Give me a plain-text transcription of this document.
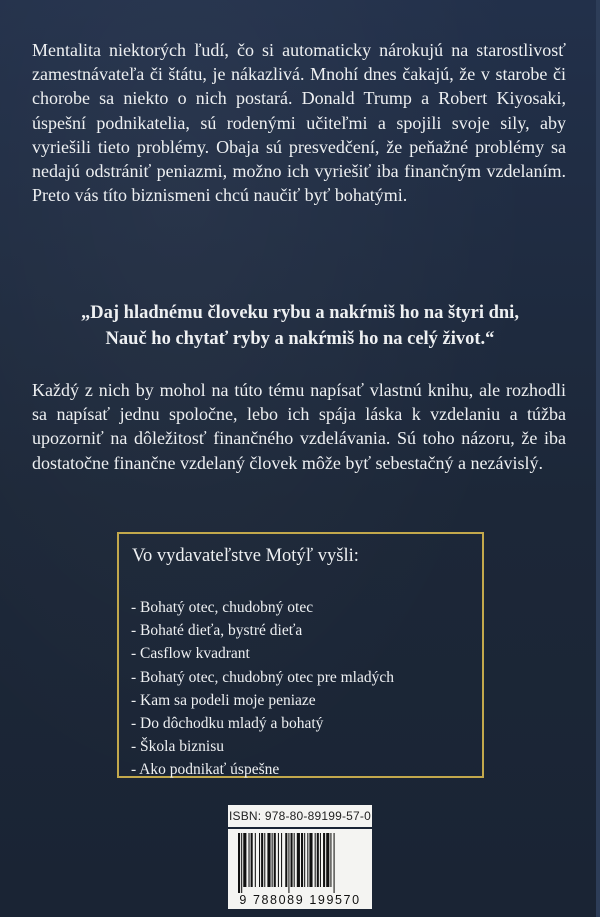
Mentalita niektorých ľudí, čo si automaticky nárokujú na starostlivosť zamestnávateľa či štátu, je nákazlivá. Mnohí dnes čakajú, že v starobe či chorobe sa niekto o nich postará. Donald Trump a Robert Kiyosaki, úspešní podnikatelia, sú rodenými učiteľmi a spojili svoje sily, aby vyriešili tieto problémy. Obaja sú presvedčení, že peňažné problémy sa nedajú odstrániť peniazmi, možno ich vyriešiť iba finančným vzdelaním. Preto vás títo biznismeni chcú naučiť byť bohatými.

„Daj hladnému človeku rybu a nakŕmiš ho na štyri dni,
Nauč ho chytať ryby a nakŕmiš ho na celý život.“

Každý z nich by mohol na túto tému napísať vlastnú knihu, ale rozhodli sa napísať jednu spoločne, lebo ich spája láska k vzdelaniu a túžba upozorniť na dôležitosť finančného vzdelávania. Sú toho názoru, že iba dostatočne finančne vzdelaný človek môže byť sebestačný a nezávislý.

Vo vydavateľstve Motýľ vyšli:
- Bohatý otec, chudobný otec
- Bohaté dieťa, bystré dieťa
- Casflow kvadrant
- Bohatý otec, chudobný otec pre mladých
- Kam sa podeli moje peniaze
- Do dôchodku mladý a bohatý
- Škola biznisu
- Ako podnikať úspešne
ISBN: 978-80-89199-57-0
9 788089 199570
